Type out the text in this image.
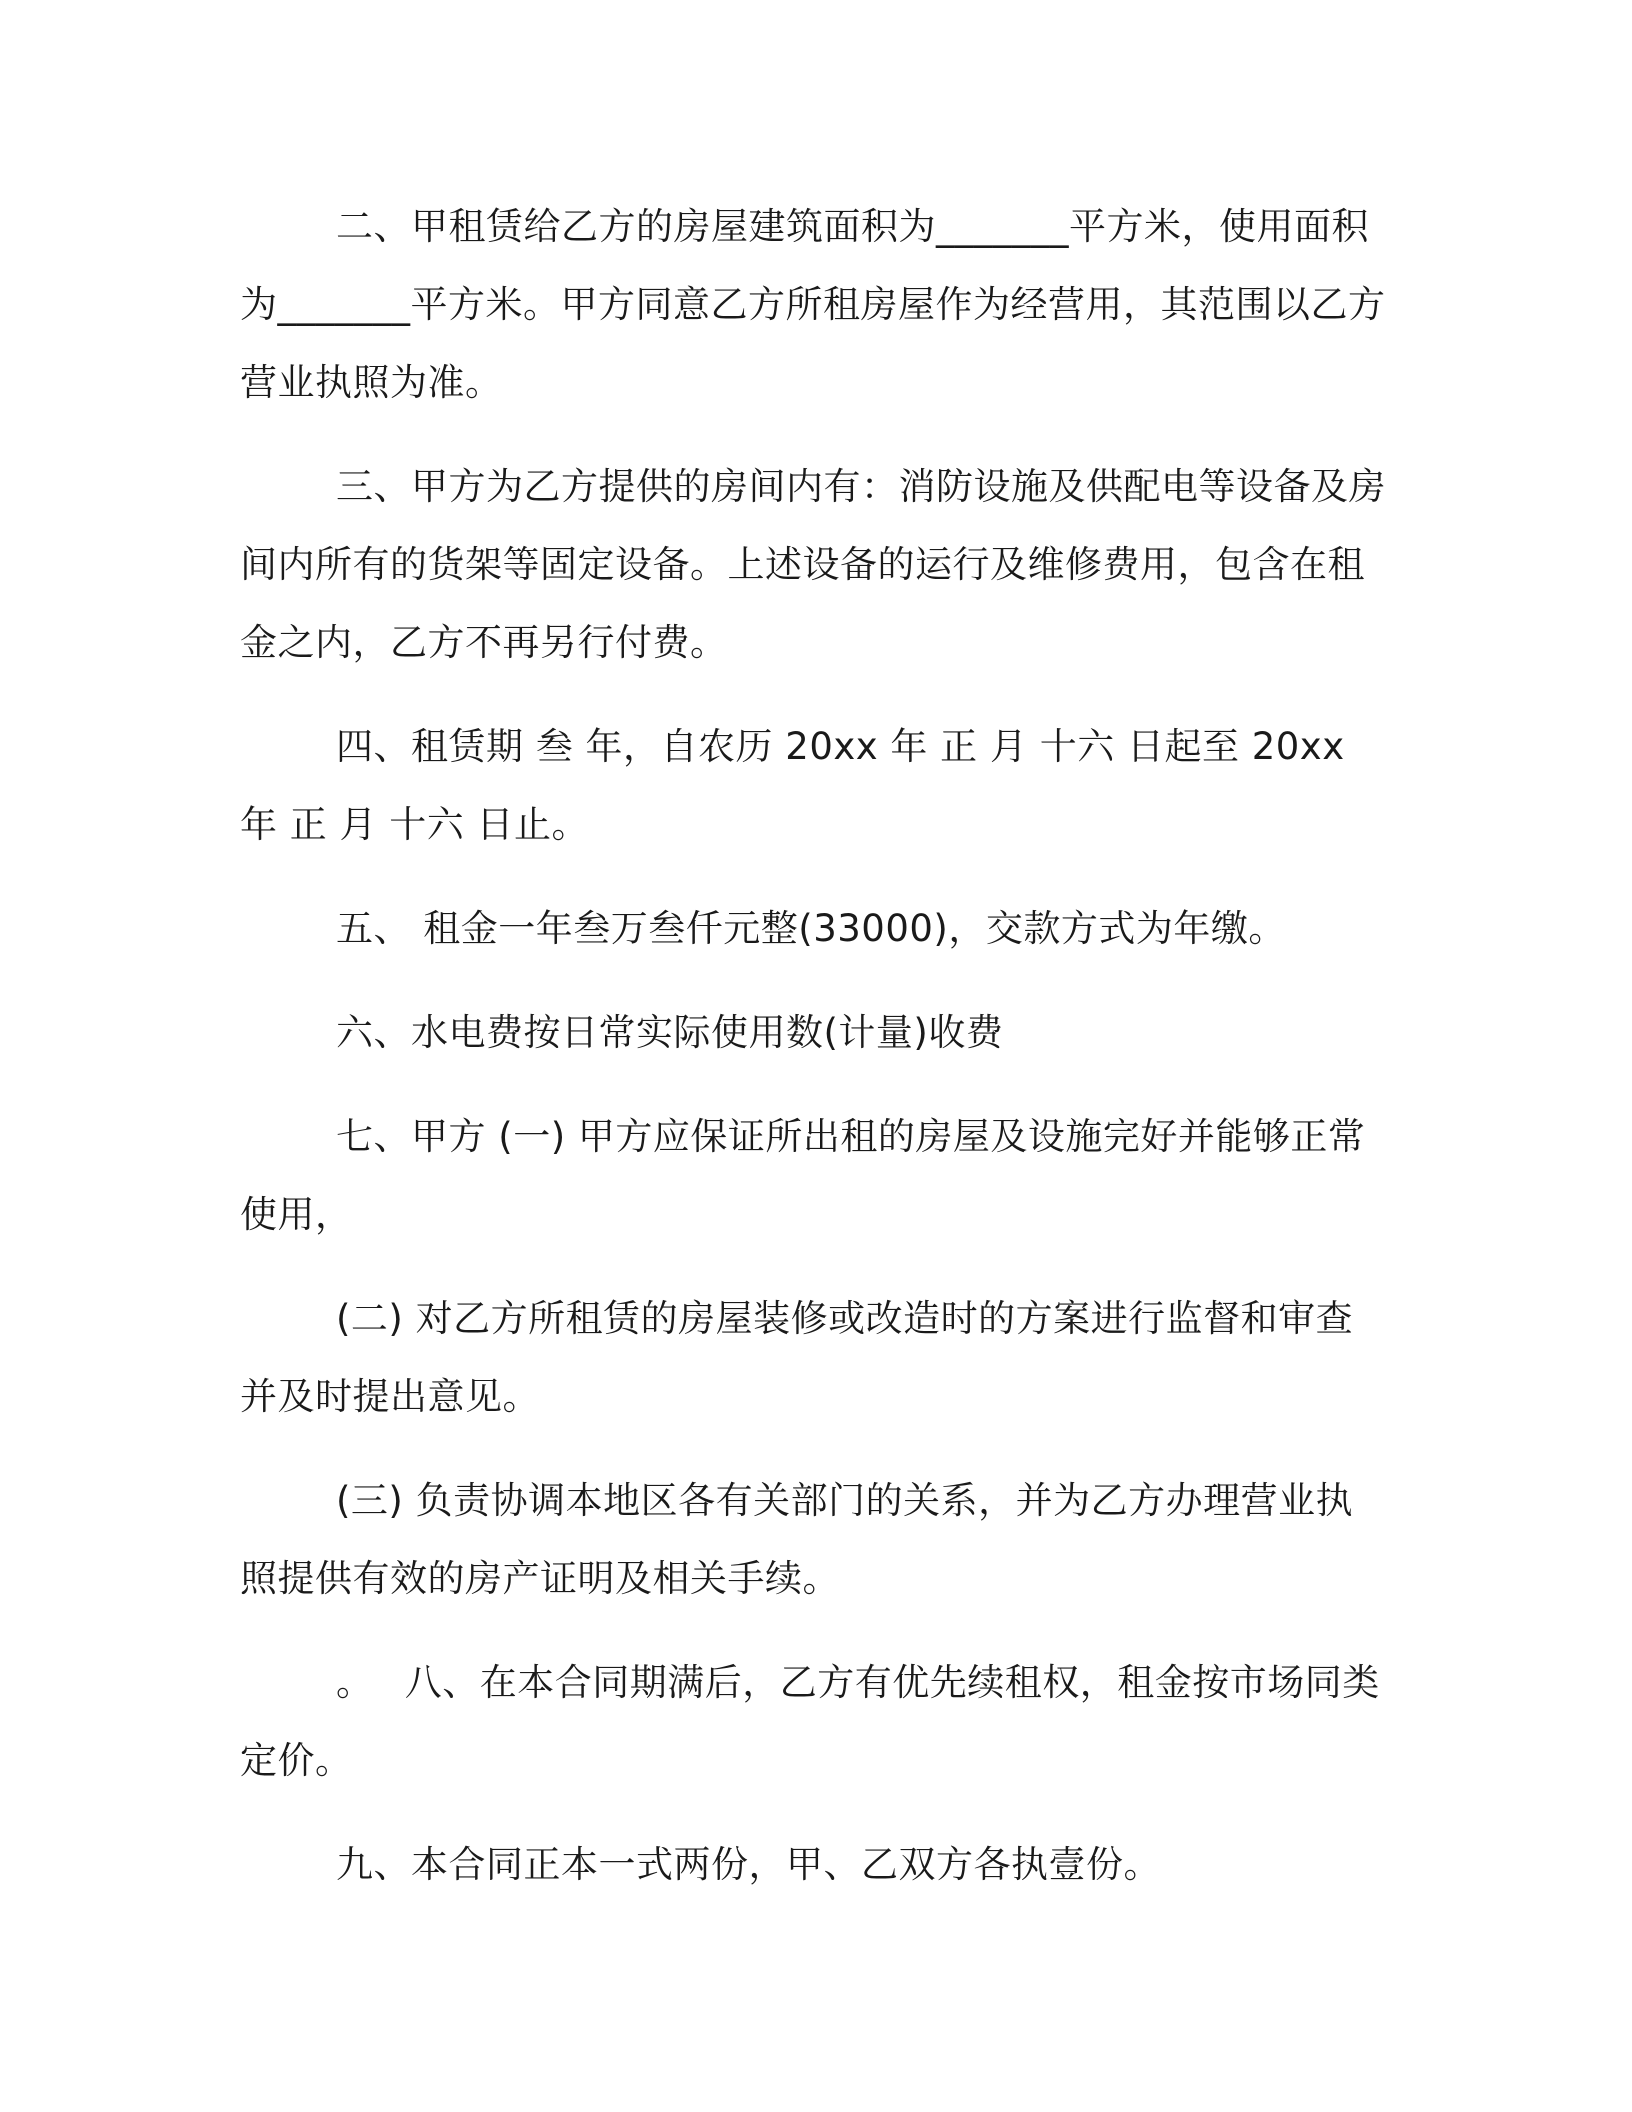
二、甲租赁给乙方的房屋建筑面积为_______平方米，使用面积为_______平方米。甲方同意乙方所租房屋作为经营用，其范围以乙方营业执照为准。

三、甲方为乙方提供的房间内有：消防设施及供配电等设备及房间内所有的货架等固定设备。上述设备的运行及维修费用，包含在租金之内，乙方不再另行付费。

四、租赁期 叁 年，自农历 20xx 年 正 月 十六 日起至 20xx 年 正 月 十六 日止。

五、 租金一年叁万叁仟元整(33000)，交款方式为年缴。

六、水电费按日常实际使用数(计量)收费

七、甲方 (一) 甲方应保证所出租的房屋及设施完好并能够正常使用，

(二) 对乙方所租赁的房屋装修或改造时的方案进行监督和审查并及时提出意见。

(三) 负责协调本地区各有关部门的关系，并为乙方办理营业执照提供有效的房产证明及相关手续。

。　 八、在本合同期满后，乙方有优先续租权，租金按市场同类定价。

九、本合同正本一式两份，甲、乙双方各执壹份。
